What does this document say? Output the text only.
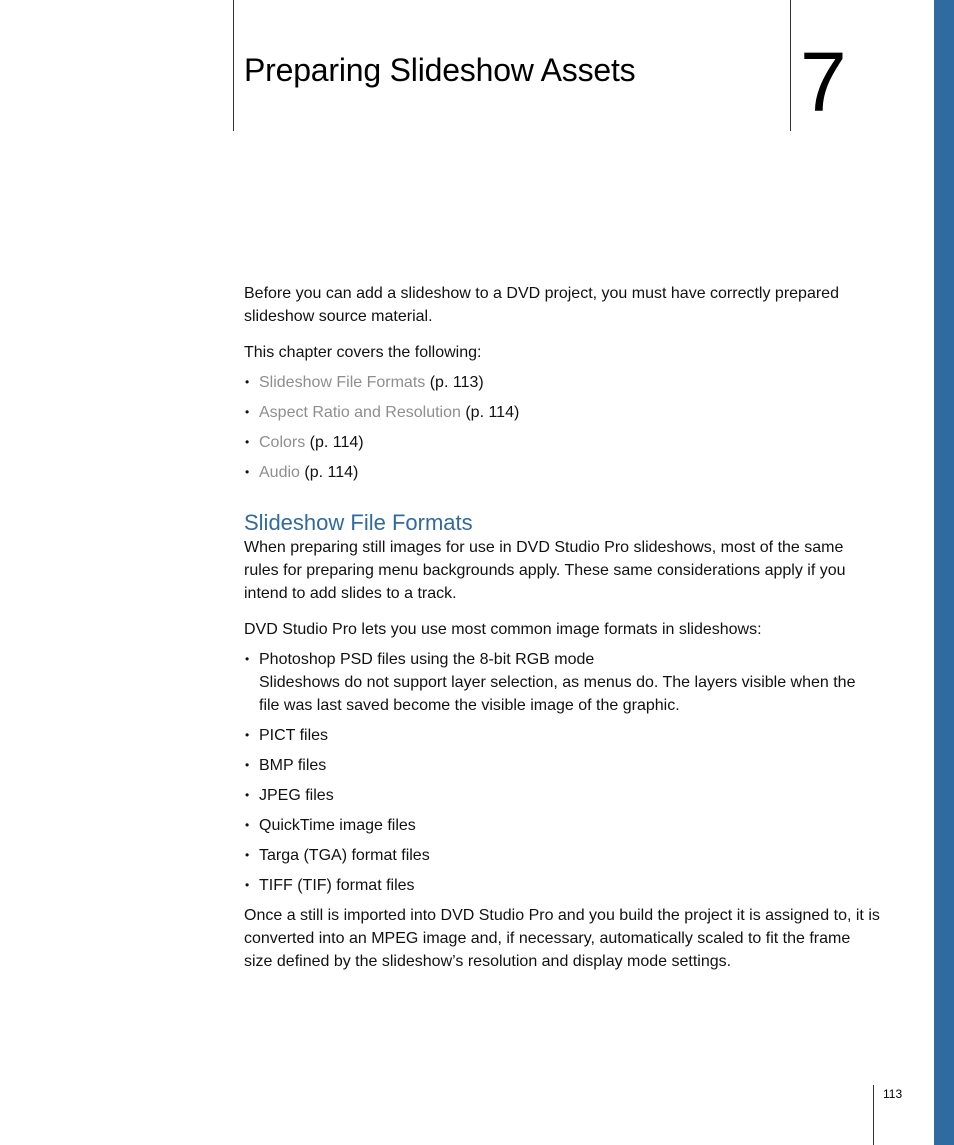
Preparing Slideshow Assets 7

Before you can add a slideshow to a DVD project, you must have correctly prepared slideshow source material.

This chapter covers the following:

• Slideshow File Formats (p. 113)
• Aspect Ratio and Resolution (p. 114)
• Colors (p. 114)
• Audio (p. 114)
Slideshow File Formats

When preparing still images for use in DVD Studio Pro slideshows, most of the same rules for preparing menu backgrounds apply. These same considerations apply if you intend to add slides to a track.

DVD Studio Pro lets you use most common image formats in slideshows:

• Photoshop PSD files using the 8-bit RGB mode

Slideshows do not support layer selection, as menus do. The layers visible when the file was last saved become the visible image of the graphic.

• PICT files
• BMP files
• JPEG files
• QuickTime image files
• Targa (TGA) format files
• TIFF (TIF) format files

Once a still is imported into DVD Studio Pro and you build the project it is assigned to, it is converted into an MPEG image and, if necessary, automatically scaled to fit the frame size defined by the slideshow’s resolution and display mode settings.

113
